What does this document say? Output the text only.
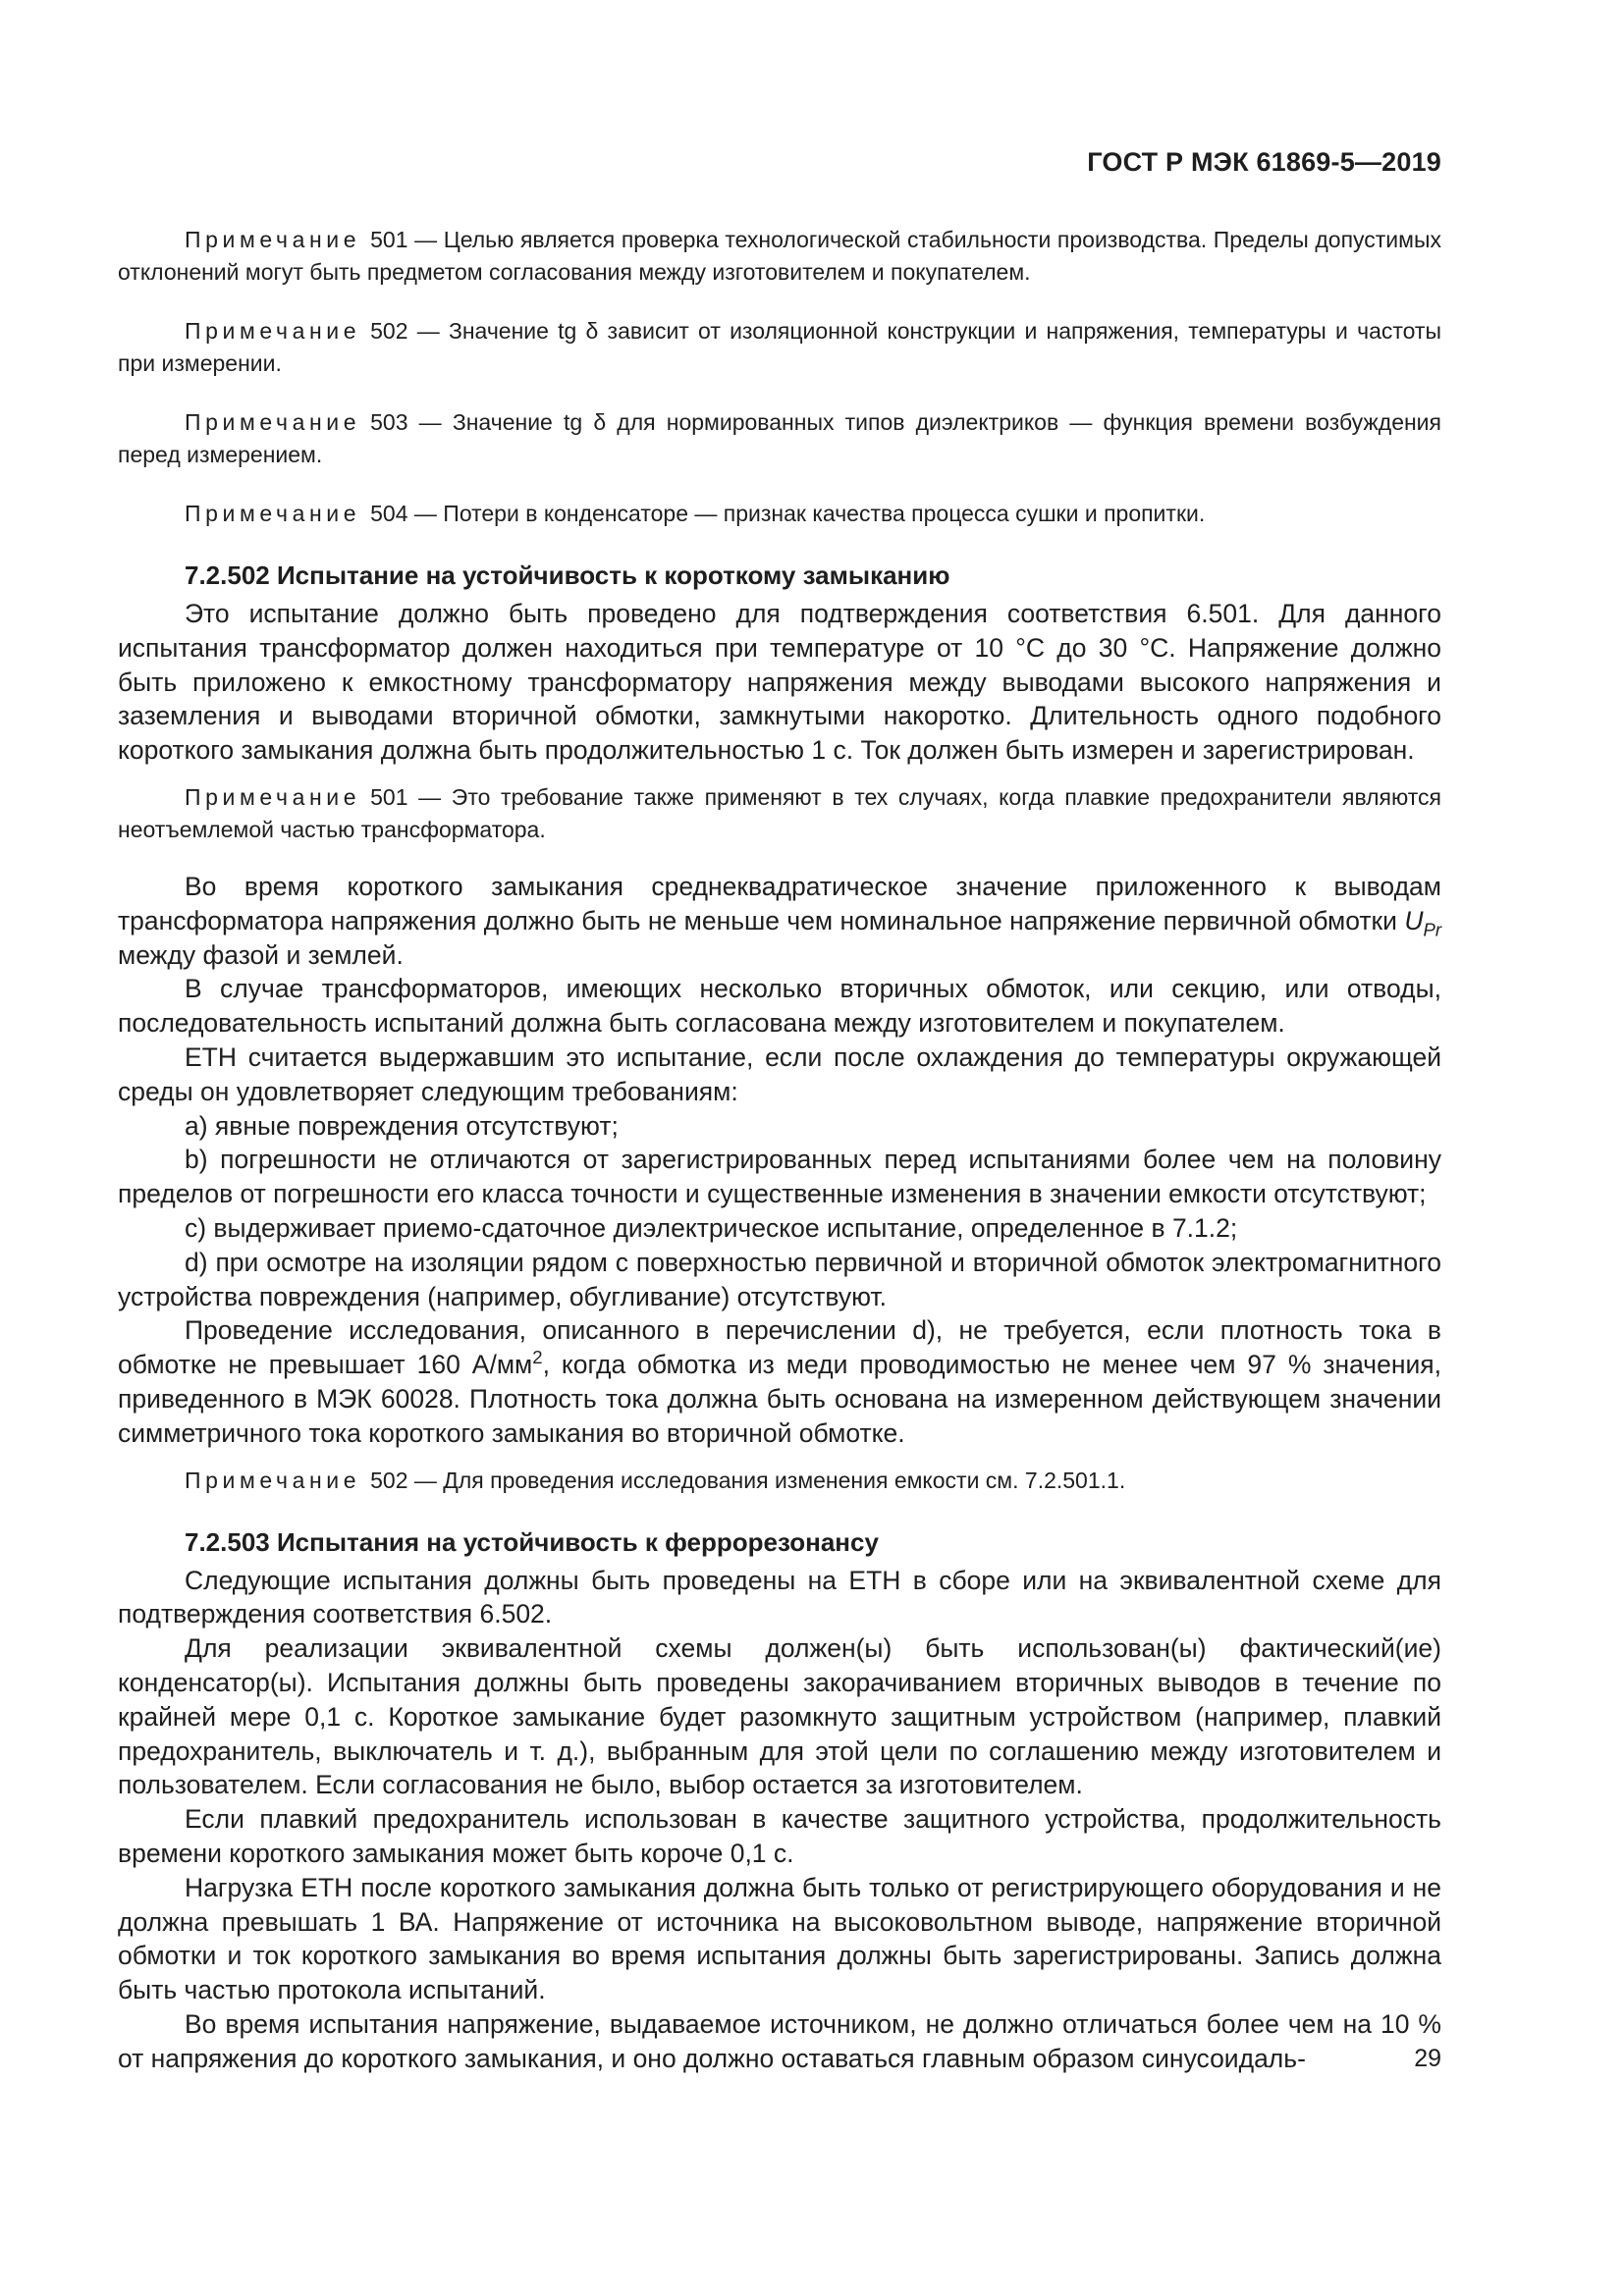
ГОСТ Р МЭК 61869-5—2019

Примечание 501 — Целью является проверка технологической стабильности производства. Пределы допустимых отклонений могут быть предметом согласования между изготовителем и покупателем.

Примечание 502 — Значение tg δ зависит от изоляционной конструкции и напряжения, температуры и частоты при измерении.

Примечание 503 — Значение tg δ для нормированных типов диэлектриков — функция времени возбуждения перед измерением.

Примечание 504 — Потери в конденсаторе — признак качества процесса сушки и пропитки.

7.2.502 Испытание на устойчивость к короткому замыканию

Это испытание должно быть проведено для подтверждения соответствия 6.501. Для данного испытания трансформатор должен находиться при температуре от 10 °С до 30 °С. Напряжение должно быть приложено к емкостному трансформатору напряжения между выводами высокого напряжения и заземления и выводами вторичной обмотки, замкнутыми накоротко. Длительность одного подобного короткого замыкания должна быть продолжительностью 1 с. Ток должен быть измерен и зарегистрирован.

Примечание 501 — Это требование также применяют в тех случаях, когда плавкие предохранители являются неотъемлемой частью трансформатора.

Во время короткого замыкания среднеквадратическое значение приложенного к выводам трансформатора напряжения должно быть не меньше чем номинальное напряжение первичной обмотки $U_{Pr}$ между фазой и землей.

В случае трансформаторов, имеющих несколько вторичных обмоток, или секцию, или отводы, последовательность испытаний должна быть согласована между изготовителем и покупателем.

ЕТН считается выдержавшим это испытание, если после охлаждения до температуры окружающей среды он удовлетворяет следующим требованиям:

а) явные повреждения отсутствуют;

b) погрешности не отличаются от зарегистрированных перед испытаниями более чем на половину пределов от погрешности его класса точности и существенные изменения в значении емкости отсутствуют;

c) выдерживает приемо-сдаточное диэлектрическое испытание, определенное в 7.1.2;

d) при осмотре на изоляции рядом с поверхностью первичной и вторичной обмоток электромагнитного устройства повреждения (например, обугливание) отсутствуют.

Проведение исследования, описанного в перечислении d), не требуется, если плотность тока в обмотке не превышает 160 $А/мм^2$, когда обмотка из меди проводимостью не менее чем 97 % значения, приведенного в МЭК 60028. Плотность тока должна быть основана на измеренном действующем значении симметричного тока короткого замыкания во вторичной обмотке.

Примечание 502 — Для проведения исследования изменения емкости см. 7.2.501.1.

7.2.503 Испытания на устойчивость к феррорезонансу

Следующие испытания должны быть проведены на ЕТН в сборе или на эквивалентной схеме для подтверждения соответствия 6.502.

Для реализации эквивалентной схемы должен(ы) быть использован(ы) фактический(ие) конденсатор(ы). Испытания должны быть проведены закорачиванием вторичных выводов в течение по крайней мере 0,1 с. Короткое замыкание будет разомкнуто защитным устройством (например, плавкий предохранитель, выключатель и т. д.), выбранным для этой цели по соглашению между изготовителем и пользователем. Если согласования не было, выбор остается за изготовителем.

Если плавкий предохранитель использован в качестве защитного устройства, продолжительность времени короткого замыкания может быть короче 0,1 с.

Нагрузка ЕТН после короткого замыкания должна быть только от регистрирующего оборудования и не должна превышать 1 ВА. Напряжение от источника на высоковольтном выводе, напряжение вторичной обмотки и ток короткого замыкания во время испытания должны быть зарегистрированы. Запись должна быть частью протокола испытаний.

Во время испытания напряжение, выдаваемое источником, не должно отличаться более чем на 10 % от напряжения до короткого замыкания, и оно должно оставаться главным образом синусоидаль-	29
